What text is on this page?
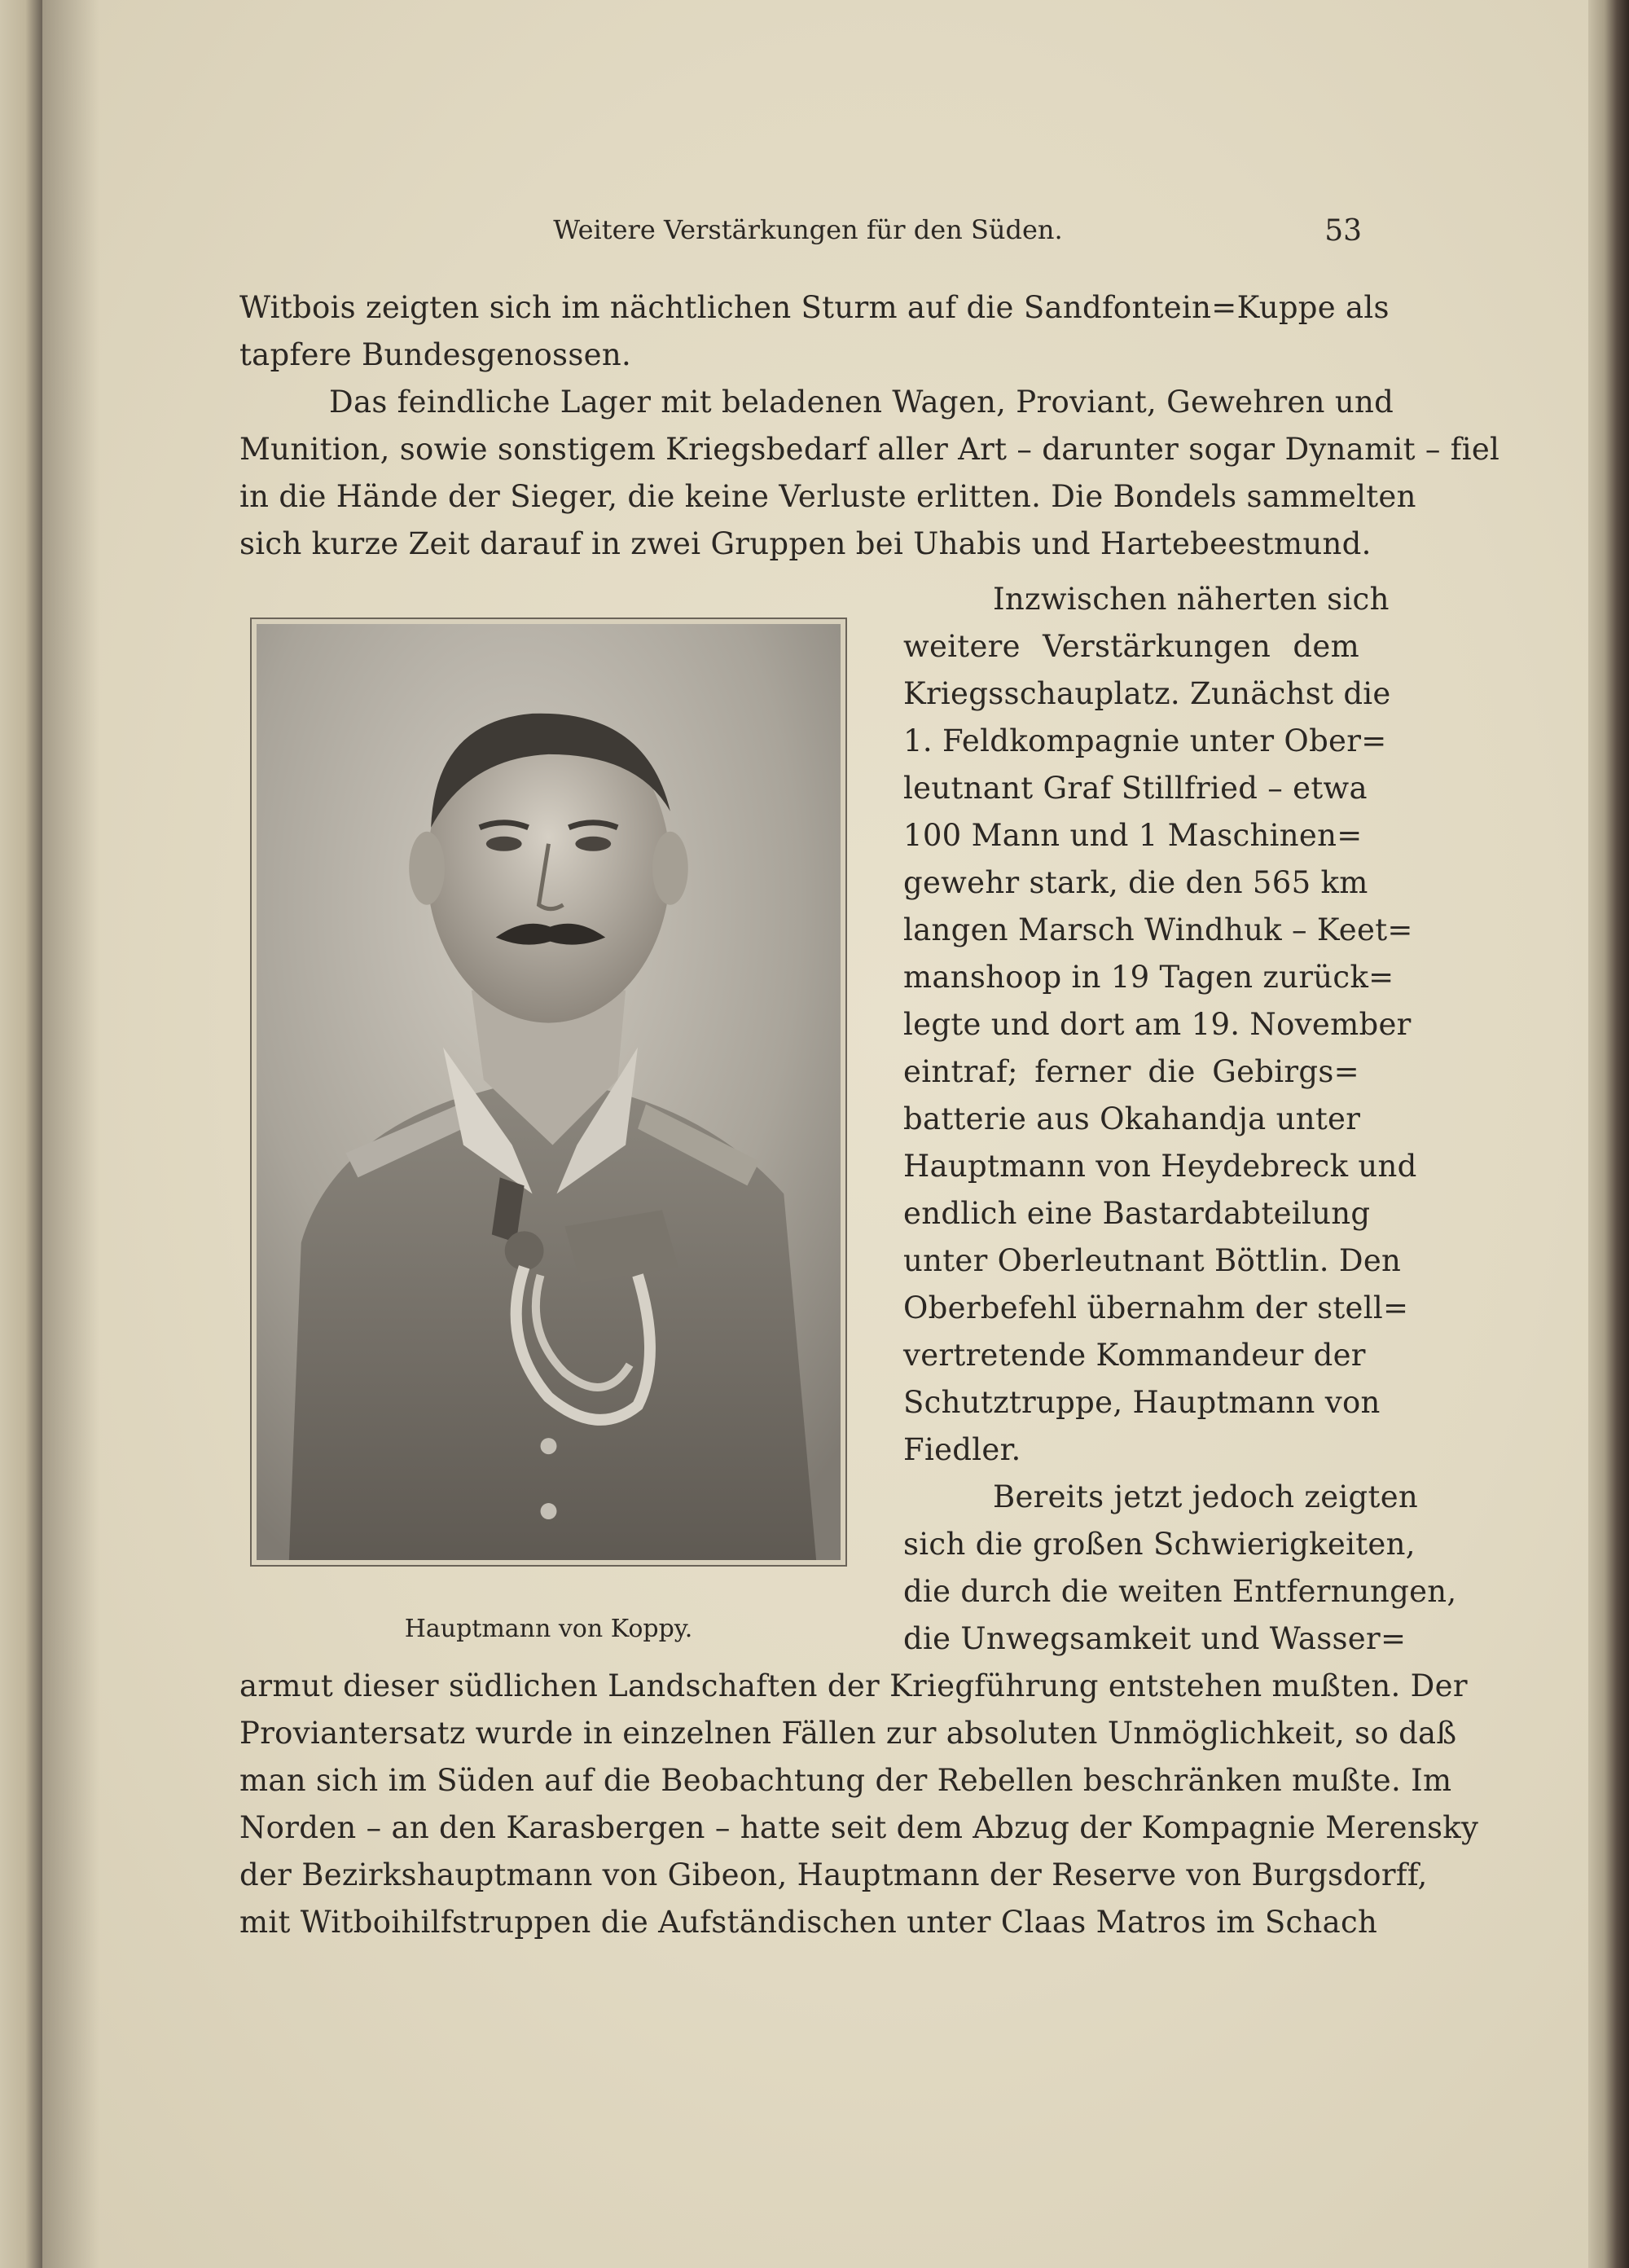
Weitere Verstärkungen für den Süden.	53
Witbois zeigten sich im nächtlichen Sturm auf die Sandfontein=Kuppe als
tapfere Bundesgenossen.
Das feindliche Lager mit beladenen Wagen, Proviant, Gewehren und
Munition, sowie sonstigem Kriegsbedarf aller Art – darunter sogar Dynamit – fiel
in die Hände der Sieger, die keine Verluste erlitten. Die Bondels sammelten
sich kurze Zeit darauf in zwei Gruppen bei Uhabis und Hartebeestmund.
Inzwischen näherten sich
weitere Verstärkungen dem
Kriegsschauplatz. Zunächst die
1. Feldkompagnie unter Ober=
leutnant Graf Stillfried – etwa
100 Mann und 1 Maschinen=
gewehr stark, die den 565 km
langen Marsch Windhuk – Keet=
manshoop in 19 Tagen zurück=
legte und dort am 19. November
eintraf; ferner die Gebirgs=
batterie aus Okahandja unter
Hauptmann von Heydebreck und
endlich eine Bastardabteilung
unter Oberleutnant Böttlin. Den
Oberbefehl übernahm der stell=
vertretende Kommandeur der
Schutztruppe, Hauptmann von
Fiedler.
Bereits jetzt jedoch zeigten
sich die großen Schwierigkeiten,
die durch die weiten Entfernungen,
die Unwegsamkeit und Wasser=
armut dieser südlichen Landschaften der Kriegführung entstehen mußten. Der
Proviantersatz wurde in einzelnen Fällen zur absoluten Unmöglichkeit, so daß
man sich im Süden auf die Beobachtung der Rebellen beschränken mußte. Im
Norden – an den Karasbergen – hatte seit dem Abzug der Kompagnie Merensky
der Bezirkshauptmann von Gibeon, Hauptmann der Reserve von Burgsdorff,
mit Witboihilfstruppen die Aufständischen unter Claas Matros im Schach
Hauptmann von Koppy.
